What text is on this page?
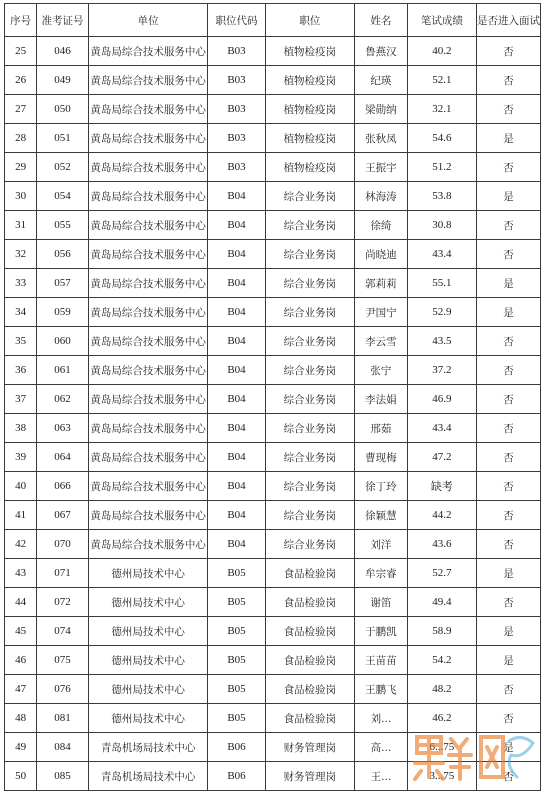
序号	准考证号	单位	职位代码	职位	姓名	笔试成绩	是否进入面试
25	046	黄岛局综合技术服务中心	B03	植物检疫岗	鲁燕汉	40.2	否
26	049	黄岛局综合技术服务中心	B03	植物检疫岗	纪瑛	52.1	否
27	050	黄岛局综合技术服务中心	B03	植物检疫岗	梁勋纳	32.1	否
28	051	黄岛局综合技术服务中心	B03	植物检疫岗	张秋凤	54.6	是
29	052	黄岛局综合技术服务中心	B03	植物检疫岗	王振宇	51.2	否
30	054	黄岛局综合技术服务中心	B04	综合业务岗	林海涛	53.8	是
31	055	黄岛局综合技术服务中心	B04	综合业务岗	徐绮	30.8	否
32	056	黄岛局综合技术服务中心	B04	综合业务岗	尚晓迪	43.4	否
33	057	黄岛局综合技术服务中心	B04	综合业务岗	郭莉莉	55.1	是
34	059	黄岛局综合技术服务中心	B04	综合业务岗	尹国宁	52.9	是
35	060	黄岛局综合技术服务中心	B04	综合业务岗	李云雪	43.5	否
36	061	黄岛局综合技术服务中心	B04	综合业务岗	张宁	37.2	否
37	062	黄岛局综合技术服务中心	B04	综合业务岗	李法娟	46.9	否
38	063	黄岛局综合技术服务中心	B04	综合业务岗	邢茹	43.4	否
39	064	黄岛局综合技术服务中心	B04	综合业务岗	曹现梅	47.2	否
40	066	黄岛局综合技术服务中心	B04	综合业务岗	徐丁玲	缺考	否
41	067	黄岛局综合技术服务中心	B04	综合业务岗	徐颖慧	44.2	否
42	070	黄岛局综合技术服务中心	B04	综合业务岗	刘洋	43.6	否
43	071	德州局技术中心	B05	食品检验岗	牟宗睿	52.7	是
44	072	德州局技术中心	B05	食品检验岗	谢笛	49.4	否
45	074	德州局技术中心	B05	食品检验岗	于鹏凯	58.9	是
46	075	德州局技术中心	B05	食品检验岗	王苗苗	54.2	是
47	076	德州局技术中心	B05	食品检验岗	王鹏飞	48.2	否
48	081	德州局技术中心	B05	食品检验岗	刘...	46.2	否
49	084	青岛机场局技术中心	B06	财务管理岗	高...	6...75	是
50	085	青岛机场局技术中心	B06	财务管理岗	王...	3...75	否
